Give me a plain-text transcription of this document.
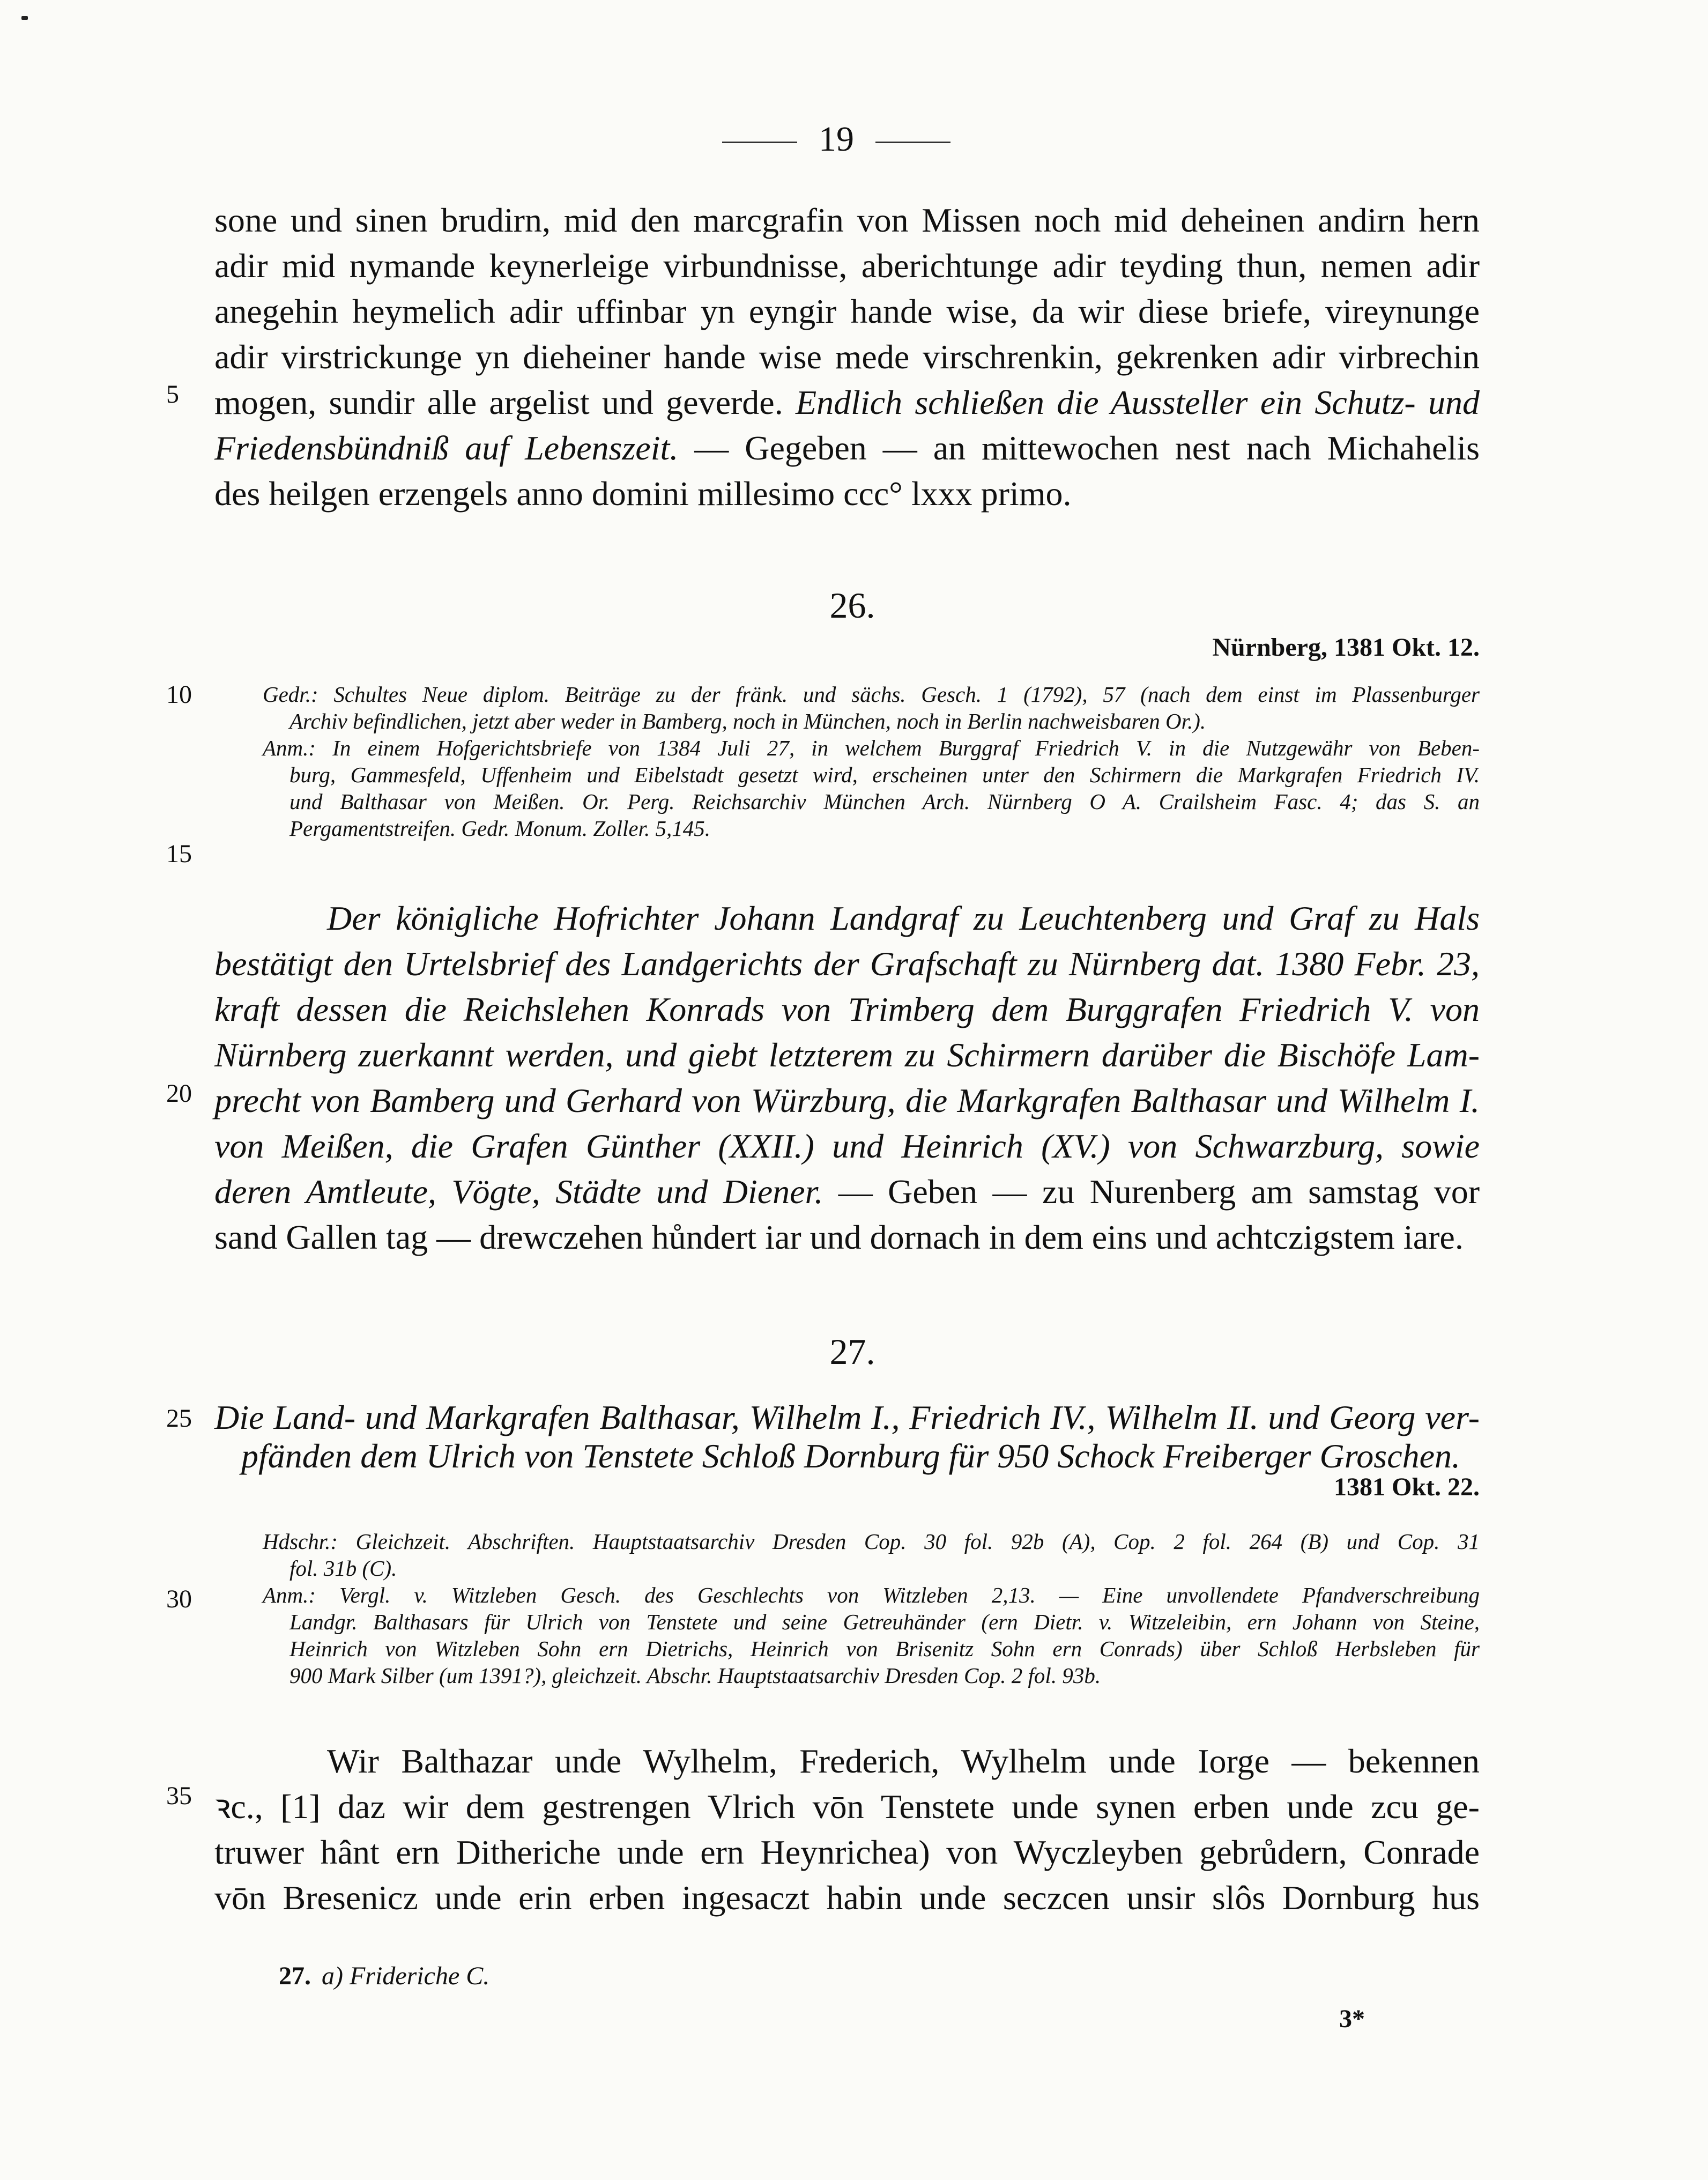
19
sone und sinen brudirn, mid den marcgrafin von Missen noch mid deheinen andirn hern
adir mid nymande keynerleige virbundnisse, aberichtunge adir teyding thun, nemen adir
anegehin heymelich adir uffinbar yn eyngir hande wise, da wir diese briefe, vireynunge
adir virstrickunge yn dieheiner hande wise mede virschrenkin, gekrenken adir virbrechin
mogen, sundir alle argelist und geverde. Endlich schließen die Aussteller ein Schutz- und
Friedensbündniß auf Lebenszeit. — Gegeben — an mittewochen nest nach Michahelis
des heilgen erzengels anno domini millesimo ccc° lxxx primo.
5
10
15
20
25
30
35
26.
Nürnberg, 1381 Okt. 12.
Gedr.: Schultes Neue diplom. Beiträge zu der fränk. und sächs. Gesch. 1 (1792), 57 (nach dem einst im Plassenburger
Archiv befindlichen, jetzt aber weder in Bamberg, noch in München, noch in Berlin nachweisbaren Or.).
Anm.: In einem Hofgerichtsbriefe von 1384 Juli 27, in welchem Burggraf Friedrich V. in die Nutzgewähr von Beben-
burg, Gammesfeld, Uffenheim und Eibelstadt gesetzt wird, erscheinen unter den Schirmern die Markgrafen Friedrich IV.
und Balthasar von Meißen. Or. Perg. Reichsarchiv München Arch. Nürnberg O A. Crailsheim Fasc. 4; das S. an
Pergamentstreifen. Gedr. Monum. Zoller. 5,145.
Der königliche Hofrichter Johann Landgraf zu Leuchtenberg und Graf zu Hals
bestätigt den Urtelsbrief des Landgerichts der Grafschaft zu Nürnberg dat. 1380 Febr. 23,
kraft dessen die Reichslehen Konrads von Trimberg dem Burggrafen Friedrich V. von
Nürnberg zuerkannt werden, und giebt letzterem zu Schirmern darüber die Bischöfe Lam-
precht von Bamberg und Gerhard von Würzburg, die Markgrafen Balthasar und Wilhelm I.
von Meißen, die Grafen Günther (XXII.) und Heinrich (XV.) von Schwarzburg, sowie
deren Amtleute, Vögte, Städte und Diener. — Geben — zu Nurenberg am samstag vor
sand Gallen tag — drewczehen hůndert iar und dornach in dem eins und achtczigstem iare.
27.
Die Land- und Markgrafen Balthasar, Wilhelm I., Friedrich IV., Wilhelm II. und Georg ver-
pfänden dem Ulrich von Tenstete Schloß Dornburg für 950 Schock Freiberger Groschen.
1381 Okt. 22.
Hdschr.: Gleichzeit. Abschriften. Hauptstaatsarchiv Dresden Cop. 30 fol. 92b (A), Cop. 2 fol. 264 (B) und Cop. 31
fol. 31b (C).
Anm.: Vergl. v. Witzleben Gesch. des Geschlechts von Witzleben 2,13. — Eine unvollendete Pfandverschreibung
Landgr. Balthasars für Ulrich von Tenstete und seine Getreuhänder (ern Dietr. v. Witzeleibin, ern Johann von Steine,
Heinrich von Witzleben Sohn ern Dietrichs, Heinrich von Brisenitz Sohn ern Conrads) über Schloß Herbsleben für
900 Mark Silber (um 1391?), gleichzeit. Abschr. Hauptstaatsarchiv Dresden Cop. 2 fol. 93b.
Wir Balthazar unde Wylhelm, Frederich, Wylhelm unde Iorge — bekennen
ꝛc., [1] daz wir dem gestrengen Vlrich vōn Tenstete unde synen erben unde zcu ge-
truwer hânt ern Ditheriche unde ern Heynrichea) von Wyczleyben gebrůdern, Conrade
vōn Bresenicz unde erin erben ingesaczt habin unde seczcen unsir slôs Dornburg hus
27. a) Frideriche C.
3*
